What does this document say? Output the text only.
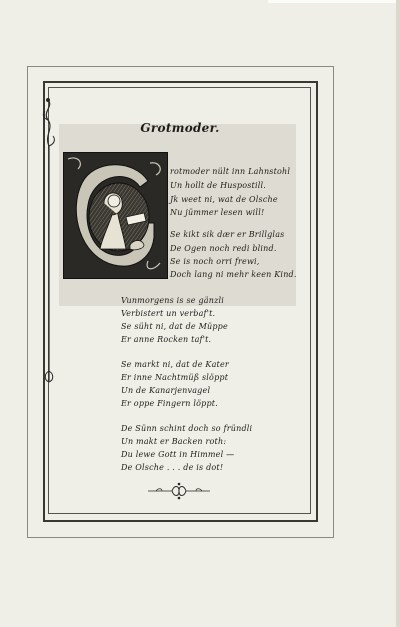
Grotmoder.
rotmoder nült inn Lahnstohl
Un hollt de Huspostill.
Jk weet ni, wat de Olsche
Nu jümmer lesen will!
Se kikt sik dær er Brillglas
De Ogen noch redi blind.
Se is noch orri frewi,
Doch lang ni mehr keen Kind.
Vunmorgens is se gänzli
Verbistert un verbaf't.
Se süht ni, dat de Müppe
Er anne Rocken taf't.
Se markt ni, dat de Kater
Er inne Nachtmüß slöppt
Un de Kanarjenvagel
Er oppe Fingern löppt.
De Sünn schint doch so fründli
Un makt er Backen roth:
Du lewe Gott in Himmel —
De Olsche . . . de is dot!
